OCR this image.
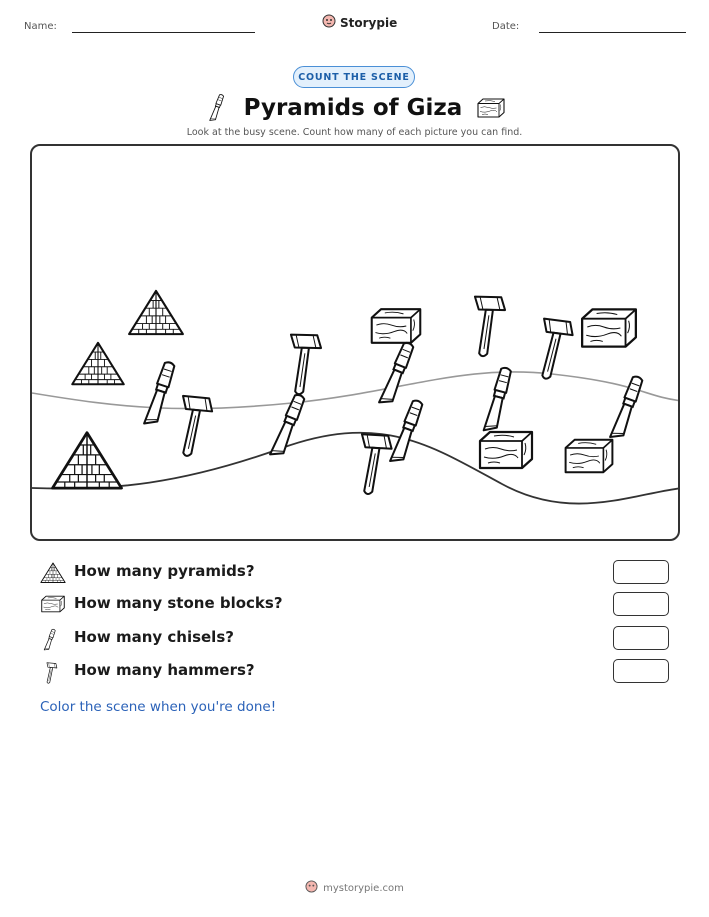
Name:	Storypie	Date:
COUNT THE SCENE
Pyramids of Giza
Look at the busy scene. Count how many of each picture you can find.
How many pyramids?
How many stone blocks?
How many chisels?
How many hammers?
Color the scene when you're done!
mystorypie.com
